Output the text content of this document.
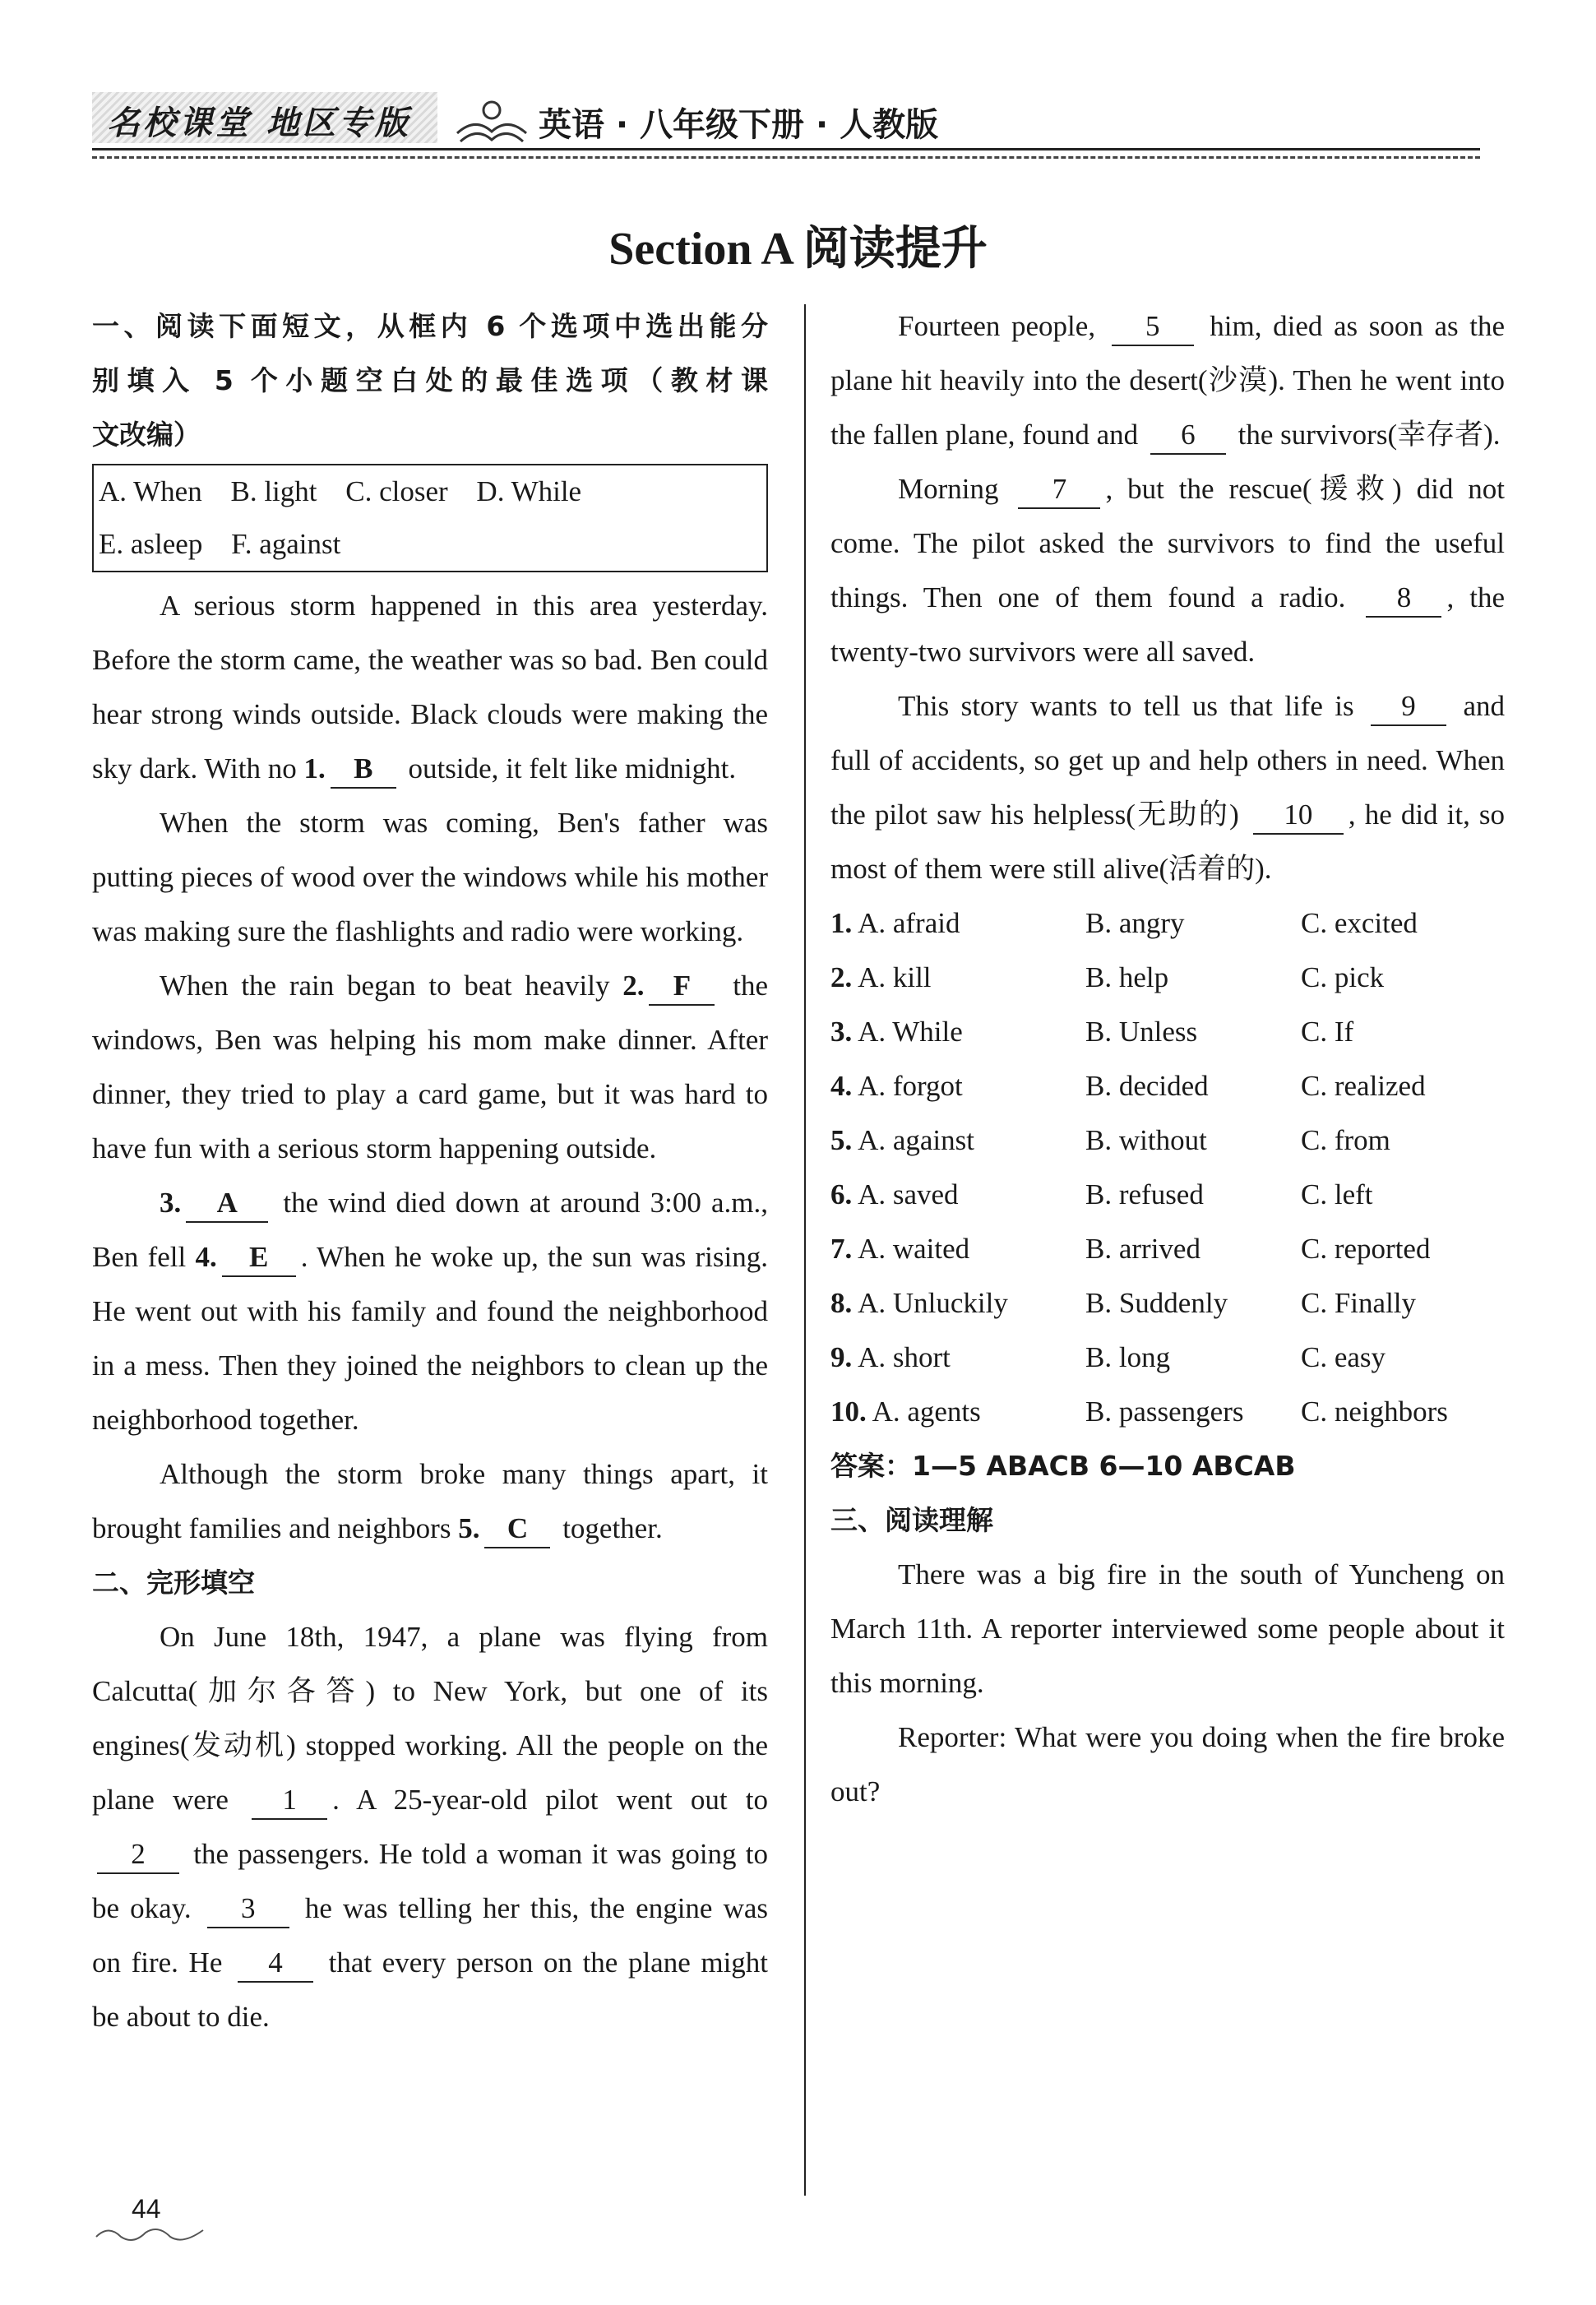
名校课堂 地区专版	英语 · 八年级下册 · 人教版
Section A 阅读提升
一、阅读下面短文，从框内 6 个选项中选出能分
别填入 5 个小题空白处的最佳选项（教材课
文改编）
A. When B. light C. closer D. While
E. asleep F. against
A serious storm happened in this area yesterday. Before the storm came, the weather was so bad. Ben could hear strong winds outside. Black clouds were making the sky dark. With no 1. B outside, it felt like midnight.
When the storm was coming, Ben's father was putting pieces of wood over the windows while his mother was making sure the flashlights and radio were working.
When the rain began to beat heavily 2. F the windows, Ben was helping his mom make dinner. After dinner, they tried to play a card game, but it was hard to have fun with a serious storm happening outside.
3. A the wind died down at around 3:00 a.m., Ben fell 4. E . When he woke up, the sun was rising. He went out with his family and found the neighborhood in a mess. Then they joined the neighbors to clean up the neighborhood together.
Although the storm broke many things apart, it brought families and neighbors 5. C together.
二、完形填空
On June 18th, 1947, a plane was flying from Calcutta(加尔各答) to New York, but one of its engines(发动机) stopped working. All the people on the plane were 1 . A 25-year-old pilot went out to 2 the passengers. He told a woman it was going to be okay. 3 he was telling her this, the engine was on fire. He 4 that every person on the plane might be about to die.
Fourteen people, 5 him, died as soon as the plane hit heavily into the desert(沙漠). Then he went into the fallen plane, found and 6 the survivors(幸存者).
Morning 7 , but the rescue(援救) did not come. The pilot asked the survivors to find the useful things. Then one of them found a radio. 8 , the twenty-two survivors were all saved.
This story wants to tell us that life is 9 and full of accidents, so get up and help others in need. When the pilot saw his helpless(无助的) 10 , he did it, so most of them were still alive(活着的).
1. A. afraid	B. angry	C. excited
2. A. kill	B. help	C. pick
3. A. While	B. Unless	C. If
4. A. forgot	B. decided	C. realized
5. A. against	B. without	C. from
6. A. saved	B. refused	C. left
7. A. waited	B. arrived	C. reported
8. A. Unluckily	B. Suddenly	C. Finally
9. A. short	B. long	C. easy
10. A. agents	B. passengers	C. neighbors
答案：1—5 ABACB 6—10 ABCAB
三、阅读理解
There was a big fire in the south of Yuncheng on March 11th. A reporter interviewed some people about it this morning.
Reporter: What were you doing when the fire broke out?
44
